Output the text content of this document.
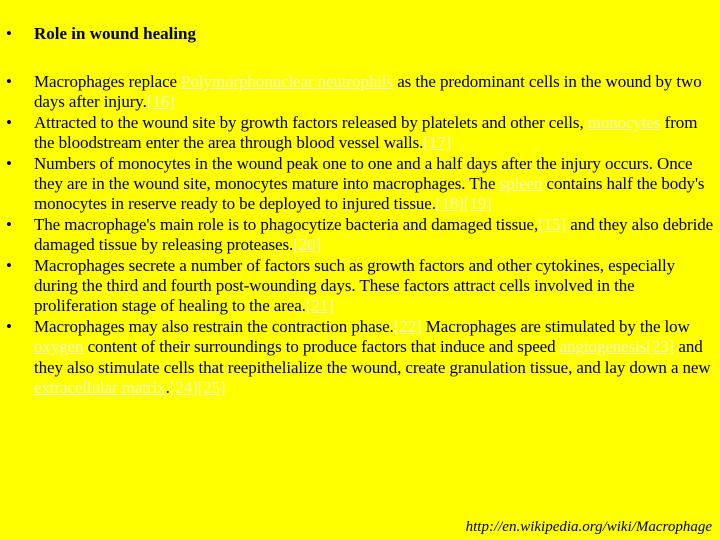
•	Role in wound healing
•	Macrophages replace Polymorphonuclear neutrophils as the predominant cells in the wound by two days after injury.[16]
•	Attracted to the wound site by growth factors released by platelets and other cells, monocytes from the bloodstream enter the area through blood vessel walls.[17]
•	Numbers of monocytes in the wound peak one to one and a half days after the injury occurs. Once they are in the wound site, monocytes mature into macrophages. The spleen contains half the body's monocytes in reserve ready to be deployed to injured tissue.[18][19]
•	The macrophage's main role is to phagocytize bacteria and damaged tissue,[15] and they also debride damaged tissue by releasing proteases.[20]
•	Macrophages secrete a number of factors such as growth factors and other cytokines, especially during the third and fourth post-wounding days. These factors attract cells involved in the proliferation stage of healing to the area.[21]
•	Macrophages may also restrain the contraction phase.[22] Macrophages are stimulated by the low oxygen content of their surroundings to produce factors that induce and speed angiogenesis[23] and they also stimulate cells that reepithelialize the wound, create granulation tissue, and lay down a new extracellular matrix.[24][25]
http://en.wikipedia.org/wiki/Macrophage
